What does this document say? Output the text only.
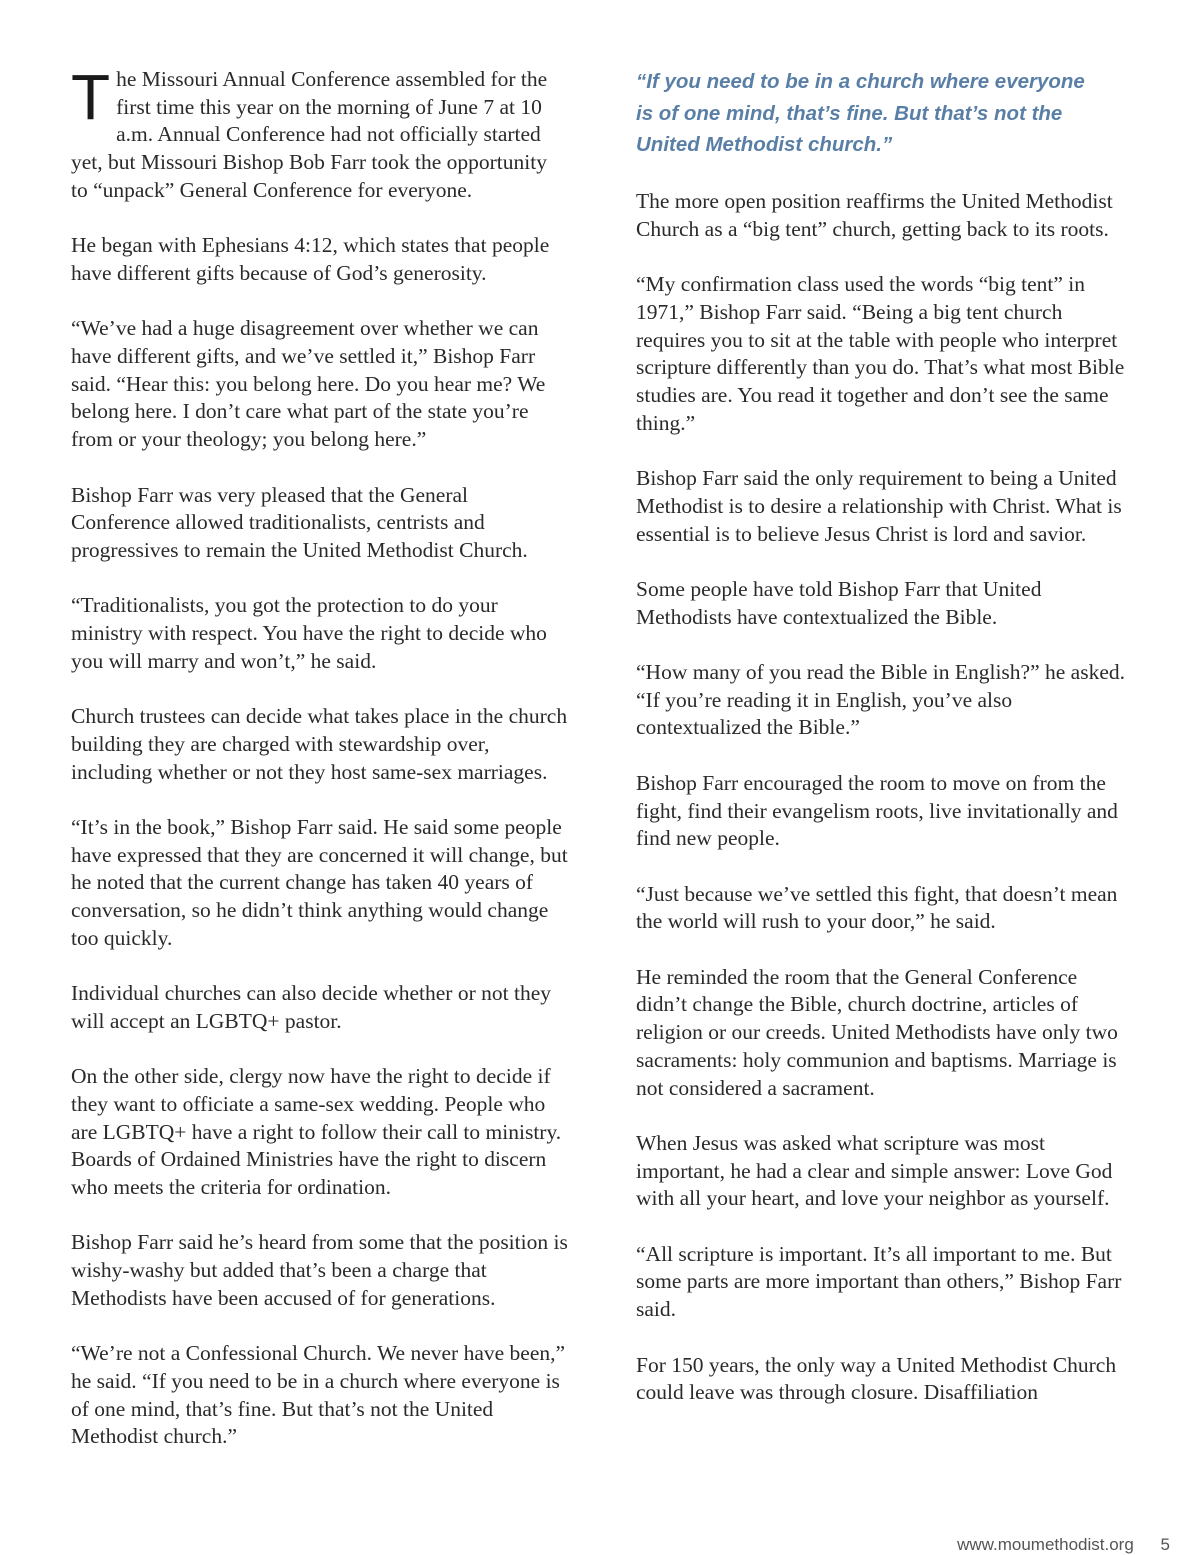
The Missouri Annual Conference assembled for the first time this year on the morning of June 7 at 10 a.m. Annual Conference had not officially started yet, but Missouri Bishop Bob Farr took the opportunity to “unpack” General Conference for everyone.

He began with Ephesians 4:12, which states that people have different gifts because of God’s generosity.

“We’ve had a huge disagreement over whether we can have different gifts, and we’ve settled it,” Bishop Farr said. “Hear this: you belong here. Do you hear me? We belong here. I don’t care what part of the state you’re from or your theology; you belong here.”

Bishop Farr was very pleased that the General Conference allowed traditionalists, centrists and progressives to remain the United Methodist Church.

“Traditionalists, you got the protection to do your ministry with respect. You have the right to decide who you will marry and won’t,” he said.

Church trustees can decide what takes place in the church building they are charged with stewardship over, including whether or not they host same-sex marriages.

“It’s in the book,” Bishop Farr said. He said some people have expressed that they are concerned it will change, but he noted that the current change has taken 40 years of conversation, so he didn’t think anything would change too quickly.

Individual churches can also decide whether or not they will accept an LGBTQ+ pastor.

On the other side, clergy now have the right to decide if they want to officiate a same-sex wedding. People who are LGBTQ+ have a right to follow their call to ministry. Boards of Ordained Ministries have the right to discern who meets the criteria for ordination.

Bishop Farr said he’s heard from some that the position is wishy-washy but added that’s been a charge that Methodists have been accused of for generations.

“We’re not a Confessional Church. We never have been,” he said. “If you need to be in a church where everyone is of one mind, that’s fine. But that’s not the United Methodist church.”

“If you need to be in a church where everyone is of one mind, that’s fine. But that’s not the United Methodist church.”

The more open position reaffirms the United Methodist Church as a “big tent” church, getting back to its roots.

“My confirmation class used the words “big tent” in 1971,” Bishop Farr said. “Being a big tent church requires you to sit at the table with people who interpret scripture differently than you do. That’s what most Bible studies are. You read it together and don’t see the same thing.”

Bishop Farr said the only requirement to being a United Methodist is to desire a relationship with Christ. What is essential is to believe Jesus Christ is lord and savior.

Some people have told Bishop Farr that United Methodists have contextualized the Bible.

“How many of you read the Bible in English?” he asked. “If you’re reading it in English, you’ve also contextualized the Bible.”

Bishop Farr encouraged the room to move on from the fight, find their evangelism roots, live invitationally and find new people.

“Just because we’ve settled this fight, that doesn’t mean the world will rush to your door,” he said.

He reminded the room that the General Conference didn’t change the Bible, church doctrine, articles of religion or our creeds. United Methodists have only two sacraments: holy communion and baptisms. Marriage is not considered a sacrament.

When Jesus was asked what scripture was most important, he had a clear and simple answer: Love God with all your heart, and love your neighbor as yourself.

“All scripture is important. It’s all important to me. But some parts are more important than others,” Bishop Farr said.

For 150 years, the only way a United Methodist Church could leave was through closure. Disaffiliation

www.moumethodist.org 5
